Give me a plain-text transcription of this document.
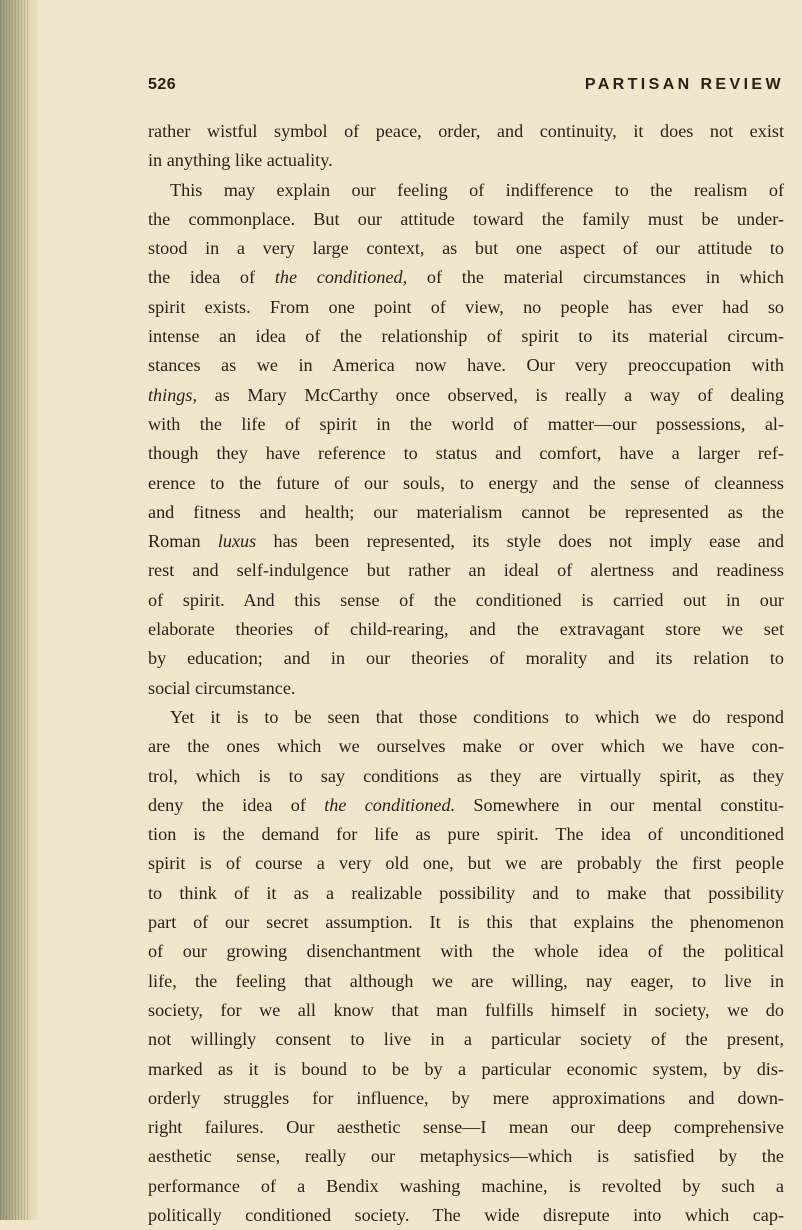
526	PARTISAN REVIEW
rather wistful symbol of peace, order, and continuity, it does not exist
in anything like actuality.
This may explain our feeling of indifference to the realism of
the commonplace. But our attitude toward the family must be under-
stood in a very large context, as but one aspect of our attitude to
the idea of the conditioned, of the material circumstances in which
spirit exists. From one point of view, no people has ever had so
intense an idea of the relationship of spirit to its material circum-
stances as we in America now have. Our very preoccupation with
things, as Mary McCarthy once observed, is really a way of dealing
with the life of spirit in the world of matter—our possessions, al-
though they have reference to status and comfort, have a larger ref-
erence to the future of our souls, to energy and the sense of cleanness
and fitness and health; our materialism cannot be represented as the
Roman luxus has been represented, its style does not imply ease and
rest and self-indulgence but rather an ideal of alertness and readiness
of spirit. And this sense of the conditioned is carried out in our
elaborate theories of child-rearing, and the extravagant store we set
by education; and in our theories of morality and its relation to
social circumstance.
Yet it is to be seen that those conditions to which we do respond
are the ones which we ourselves make or over which we have con-
trol, which is to say conditions as they are virtually spirit, as they
deny the idea of the conditioned. Somewhere in our mental constitu-
tion is the demand for life as pure spirit. The idea of unconditioned
spirit is of course a very old one, but we are probably the first people
to think of it as a realizable possibility and to make that possibility
part of our secret assumption. It is this that explains the phenomenon
of our growing disenchantment with the whole idea of the political
life, the feeling that although we are willing, nay eager, to live in
society, for we all know that man fulfills himself in society, we do
not willingly consent to live in a particular society of the present,
marked as it is bound to be by a particular economic system, by dis-
orderly struggles for influence, by mere approximations and down-
right failures. Our aesthetic sense—I mean our deep comprehensive
aesthetic sense, really our metaphysics—which is satisfied by the
performance of a Bendix washing machine, is revolted by such a
politically conditioned society. The wide disrepute into which cap-
